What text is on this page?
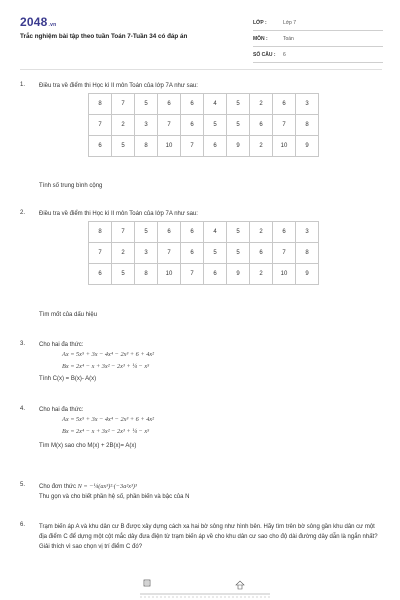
2048.vn
Trắc nghiệm bài tập theo tuần Toán 7-Tuần 34 có đáp án
LỚP :	Lớp 7
MÔN :	Toán
SỐ CÂU :	6
1.	Điều tra về điểm thi Học kì II môn Toán của lớp 7A như sau:
8	7	5	6	6	4	5	2	6	3
7	2	3	7	6	5	5	6	7	8
6	5	8	10	7	6	9	2	10	9
Tính số trung bình cộng
2.	Điều tra về điểm thi Học kì II môn Toán của lớp 7A như sau:
8	7	5	6	6	4	5	2	6	3
7	2	3	7	6	5	5	6	7	8
6	5	8	10	7	6	9	2	10	9
Tìm mốt của dấu hiệu
3.	Cho hai đa thức:
Ax = 5x⁵ + 3x − 4x⁴ − 2x³ + 6 + 4x²
Bx = 2x⁴ − x + 3x² − 2x³ + ¼ − x⁵
Tính C(x) = B(x)- A(x)
4.	Cho hai đa thức:
Ax = 5x⁵ + 3x − 4x⁴ − 2x³ + 6 + 4x²
Bx = 2x⁴ − x + 3x² − 2x³ + ¼ − x⁵
Tìm M(x) sao cho M(x) + 2B(x)= A(x)
5.	Cho đơn thức N = −¼(ax³)²·(−3a²x³)³
Thu gọn và cho biết phần hệ số, phần biến và bậc của N
6.	Trạm biến áp A và khu dân cư B được xây dựng cách xa hai bờ sông như hình bên. Hãy tìm trên bờ sông gần khu dân cư một địa điểm C để dựng một cột mắc dây đưa điện từ trạm biến áp về cho khu dân cư sao cho độ dài đường dây dẫn là ngắn nhất? Giải thích vì sao chọn vị trí điểm C đó?
